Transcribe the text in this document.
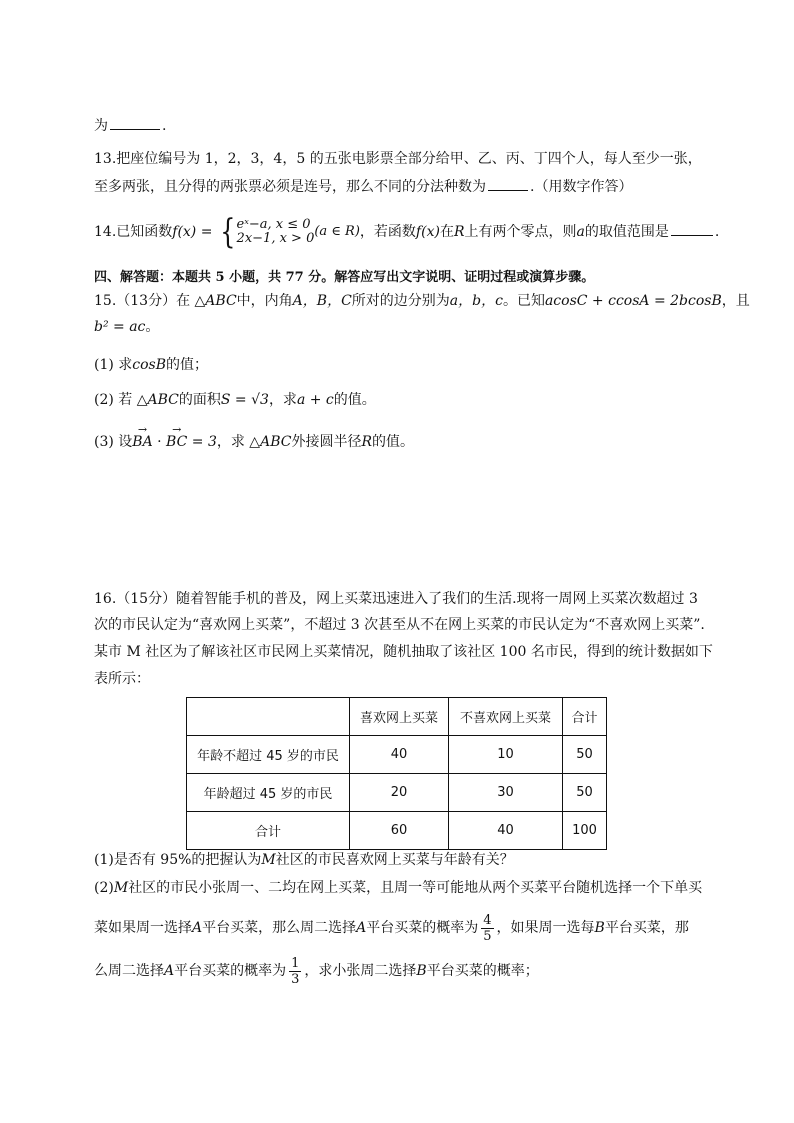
为	.
13.把座位编号为 1，2，3，4，5 的五张电影票全部分给甲、乙、丙、丁四个人，每人至少一张，
至多两张，且分得的两张票必须是连号，那么不同的分法种数为	.（用数字作答）
14.已知函数f(x) = { eˣ−a, x ≤ 0
2x−1, x > 0 (a ∈ R) ，若函数f(x)在R上有两个零点，则a的取值范围是	.
四、解答题：本题共 5 小题，共 77 分。解答应写出文字说明、证明过程或演算步骤。
15.（13分）在 △ABC中，内角A，B，C所对的边分别为a，b，c。已知acosC + ccosA = 2bcosB，且
b² = ac。
(1) 求cosB的值；
(2) 若 △ABC的面积S = √3，求a + c的值。
(3) 设
→
BA ·
→
BC = 3，求 △ABC外接圆半径R的值。
16.（15分）随着智能手机的普及，网上买菜迅速进入了我们的生活.现将一周网上买菜次数超过 3
次的市民认定为“喜欢网上买菜”，不超过 3 次甚至从不在网上买菜的市民认定为“不喜欢网上买菜”.
某市 M 社区为了解该社区市民网上买菜情况，随机抽取了该社区 100 名市民，得到的统计数据如下
表所示：
	喜欢网上买菜	不喜欢网上买菜	合计
年龄不超过 45 岁的市民	40	10	50
年龄超过 45 岁的市民	20	30	50
合计	60	40	100
(1)是否有 95%的把握认为M社区的市民喜欢网上买菜与年龄有关？
(2)M社区的市民小张周一、二均在网上买菜，且周一等可能地从两个买菜平台随机选择一个下单买
菜如果周一选择A平台买菜，那么周二选择A平台买菜的概率为 $\frac{4}{5}$ ，如果周一选每B平台买菜，那
么周二选择A平台买菜的概率为 $\frac{1}{3}$ ，求小张周二选择B平台买菜的概率；
